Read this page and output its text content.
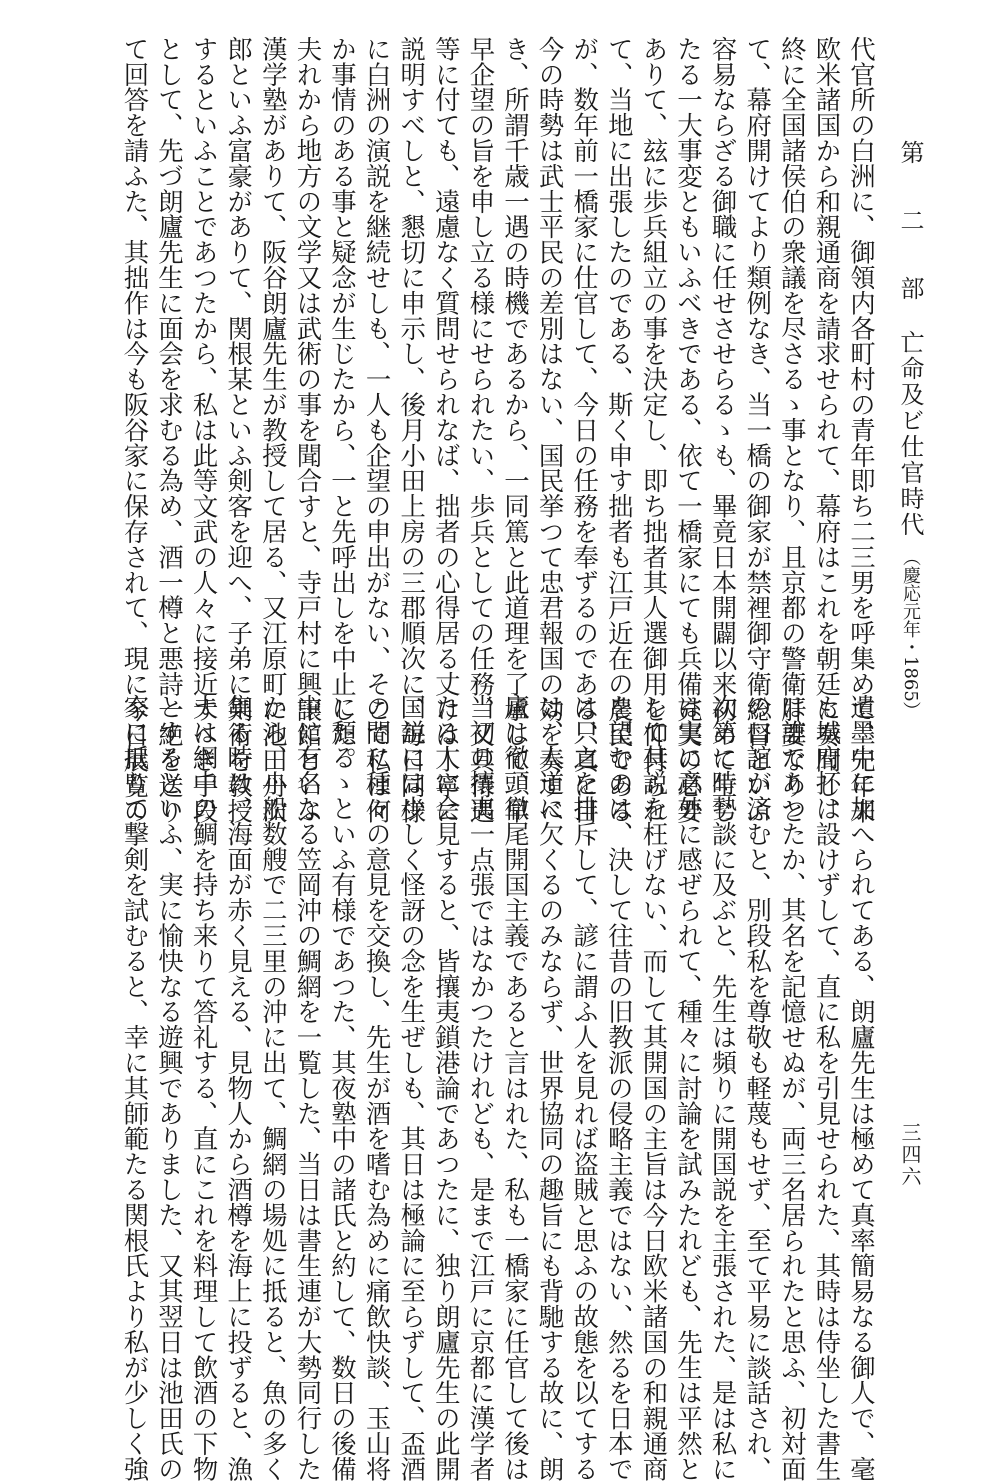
第 二 部亡命及ビ仕官時代（慶応元年・1865）
三四六
代官所の白洲に、御領内各町村の青年即ち二三男を呼集めて、先年来
欧米諸国から和親通商を請求せられて、幕府はこれを朝廷に奏聞し、
終に全国諸侯伯の衆議を尽さるゝ事となり、且京都の警衛肝要なりと
て、幕府開けてより類例なき、当一橋の御家が禁裡御守衛総督といふ
容易ならざる御職に任せさせらるゝも、畢竟日本開闢以来初めて生じ
たる一大事変ともいふべきである、依て一橋家にても兵備充実の必要
ありて、玆に歩兵組立の事を決定し、即ち拙者其人選御用を仰付られ
て、当地に出張したのである、斯く申す拙者も江戸近在の農民である
が、数年前一橋家に仕官して、今日の任務を奉ずるのである、真に目
今の時勢は武士平民の差別はない、国民挙つて忠君報国の効を奏すべ
き、所謂千歳一遇の時機であるから、一同篤と此道理を了承して、早
早企望の旨を申し立る様にせられたい、歩兵としての任務、又其待遇
等に付ても、遠慮なく質問せられなば、拙者の心得居る丈けは丁寧に
説明すべしと、懇切に申示し、後月小田上房の三郡順次に、毎日同様
に白洲の演説を継続せしも、一人も企望の申出がない、そこで私は何
か事情のある事と疑念が生じたから、一と先呼出しを中止した。
夫れから地方の文学又は武術の事を聞合すと、寺戸村に興譲館といふ
漢学塾がありて、阪谷朗廬先生が教授して居る、又江原町に池田丹次
郎といふ富豪がありて、関根某といふ剣客を迎へ、子弟に剣術を教授
するといふことであつたから、私は此等文武の人々に接近すへき手段
として、先づ朗廬先生に面会を求むる為め、酒一樽と悪詩一絶を送り
て回答を請ふた、其拙作は今も阪谷家に保存されて、現に今日展覧の
遺墨中に加へられてある、朗廬先生は極めて真率簡易なる御人で、毫
も城府抔は設けずして、直に私を引見せられた、其時は侍坐した書生
は誰であつたか、其名を記憶せぬが、両三名居られたと思ふ、初対面
の口誼が済むと、別段私を尊敬も軽蔑もせず、至て平易に談話され、
次第に時勢談に及ぶと、先生は頻りに開国説を主張された、是は私に
は実に意外に感ぜられて、種々に討論を試みたれども、先生は平然と
して其説を枉げない、而して其開国の主旨は今日欧米諸国の和親通商
を望むのは、決して往昔の旧教派の侵略主義ではない、然るを日本で
は只之を排斥して、諺に謂ふ人を見れば盗賊と思ふの故態を以てする
は、人道に欠くるのみならず、世界協同の趣旨にも背馳する故に、朗
廬は徹頭徹尾開国主義であると言はれた、私も一橋家に任官して後は
当初の攘夷一点張ではなかつたけれども、是まで江戸に京都に漢学者
たる人に会見すると、皆攘夷鎖港論であつたに、独り朗廬先生の此開
国説には少しく怪訝の念を生ぜしも、其日は極論に至らずして、盃酒
の間に種々の意見を交換し、先生が酒を嗜む為めに痛飲快談、玉山将
に頽るゝといふ有様であつた、其夜塾中の諸氏と約して、数日の後備
中に有名なる笠岡沖の鯛網を一覧した、当日は書生連が大勢同行した
から、小船数艘で二三里の沖に出て、鯛網の場処に抵ると、魚の多く
集る時は、海面が赤く見える、見物人から酒樽を海上に投ずると、漁
夫は網中の鯛を持ち来りて答礼する、直にこれを料理して飲酒の下物
とするといふ、実に愉快なる遊興でありました、又其翌日は池田氏の
家に抵りて撃剣を試むると、幸に其師範たる関根氏より私が少しく強
